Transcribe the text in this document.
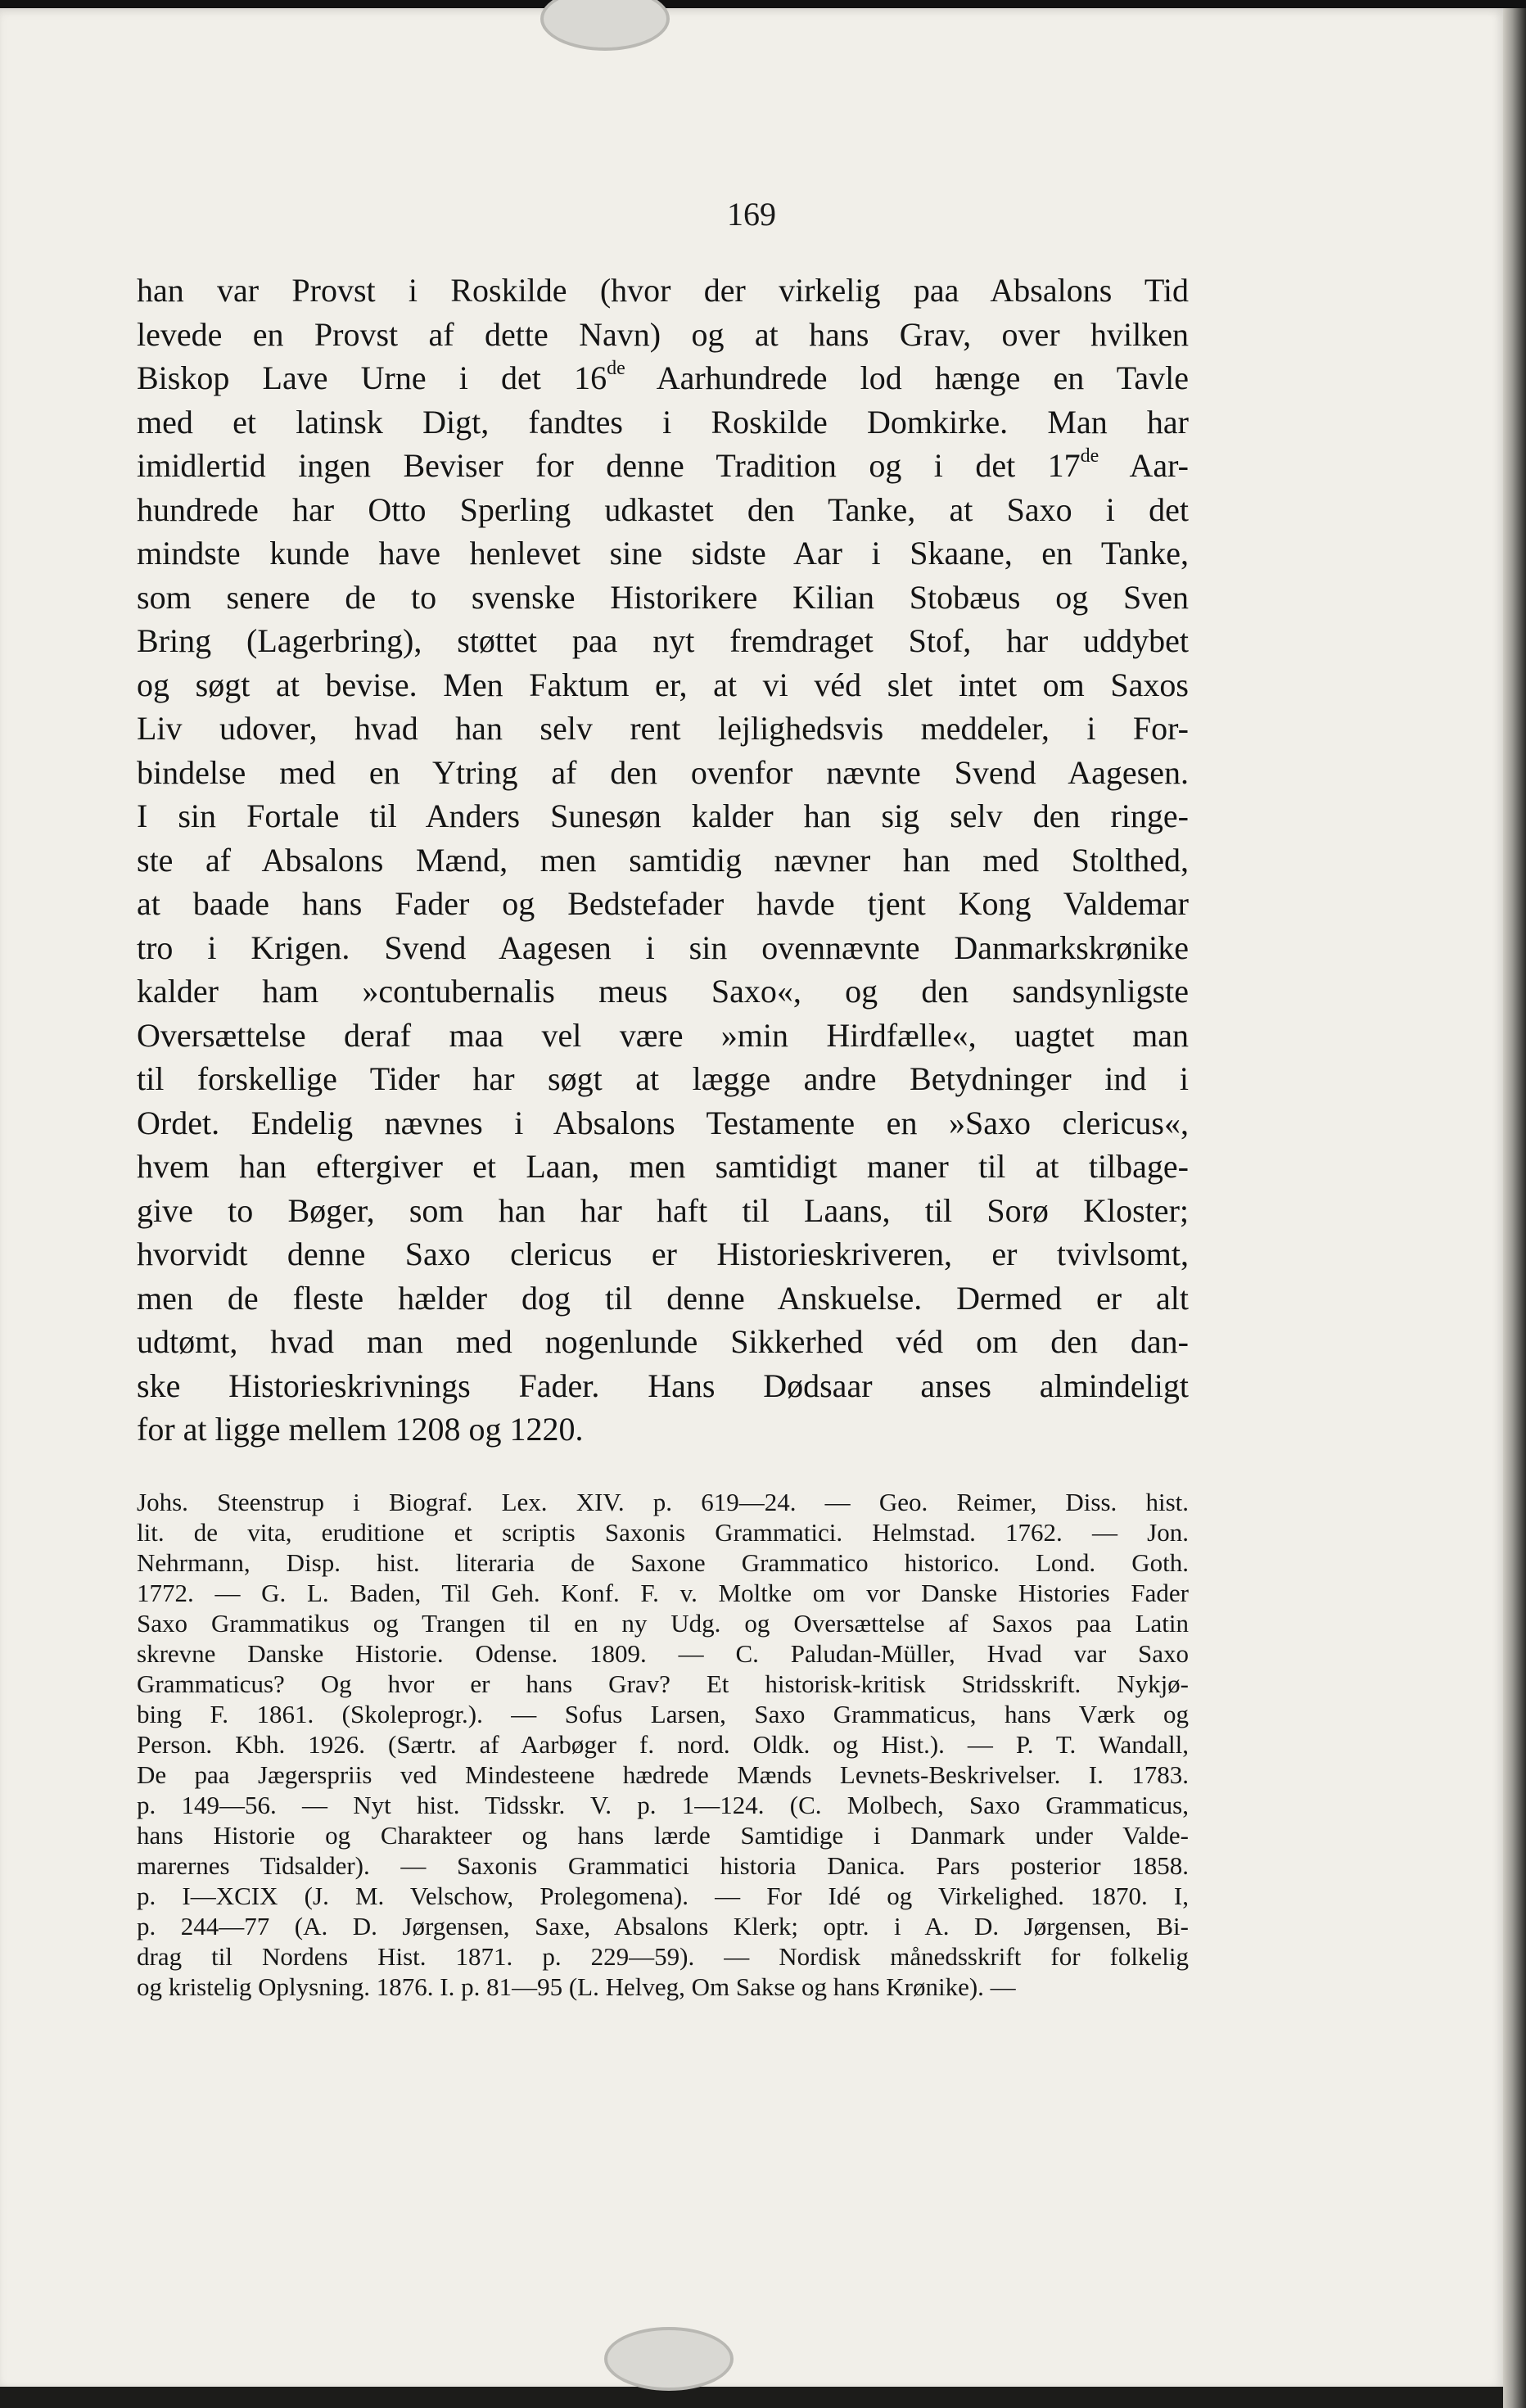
169
han var Provst i Roskilde (hvor der virkelig paa Absalons Tid
levede en Provst af dette Navn) og at hans Grav, over hvilken
Biskop Lave Urne i det 16de Aarhundrede lod hænge en Tavle
med et latinsk Digt, fandtes i Roskilde Domkirke. Man har
imidlertid ingen Beviser for denne Tradition og i det 17de Aar-
hundrede har Otto Sperling udkastet den Tanke, at Saxo i det
mindste kunde have henlevet sine sidste Aar i Skaane, en Tanke,
som senere de to svenske Historikere Kilian Stobæus og Sven
Bring (Lagerbring), støttet paa nyt fremdraget Stof, har uddybet
og søgt at bevise. Men Faktum er, at vi véd slet intet om Saxos
Liv udover, hvad han selv rent lejlighedsvis meddeler, i For-
bindelse med en Ytring af den ovenfor nævnte Svend Aagesen.
I sin Fortale til Anders Sunesøn kalder han sig selv den ringe-
ste af Absalons Mænd, men samtidig nævner han med Stolthed,
at baade hans Fader og Bedstefader havde tjent Kong Valdemar
tro i Krigen. Svend Aagesen i sin ovennævnte Danmarkskrønike
kalder ham »contubernalis meus Saxo«, og den sandsynligste
Oversættelse deraf maa vel være »min Hirdfælle«, uagtet man
til forskellige Tider har søgt at lægge andre Betydninger ind i
Ordet. Endelig nævnes i Absalons Testamente en »Saxo clericus«,
hvem han eftergiver et Laan, men samtidigt maner til at tilbage-
give to Bøger, som han har haft til Laans, til Sorø Kloster;
hvorvidt denne Saxo clericus er Historieskriveren, er tvivlsomt,
men de fleste hælder dog til denne Anskuelse. Dermed er alt
udtømt, hvad man med nogenlunde Sikkerhed véd om den dan-
ske Historieskrivnings Fader. Hans Dødsaar anses almindeligt
for at ligge mellem 1208 og 1220.
Johs. Steenstrup i Biograf. Lex. XIV. p. 619—24. — Geo. Reimer, Diss. hist.
lit. de vita, eruditione et scriptis Saxonis Grammatici. Helmstad. 1762. — Jon.
Nehrmann, Disp. hist. literaria de Saxone Grammatico historico. Lond. Goth.
1772. — G. L. Baden, Til Geh. Konf. F. v. Moltke om vor Danske Histories Fader
Saxo Grammatikus og Trangen til en ny Udg. og Oversættelse af Saxos paa Latin
skrevne Danske Historie. Odense. 1809. — C. Paludan-Müller, Hvad var Saxo
Grammaticus? Og hvor er hans Grav? Et historisk-kritisk Stridsskrift. Nykjø-
bing F. 1861. (Skoleprogr.). — Sofus Larsen, Saxo Grammaticus, hans Værk og
Person. Kbh. 1926. (Særtr. af Aarbøger f. nord. Oldk. og Hist.). — P. T. Wandall,
De paa Jægerspriis ved Mindesteene hædrede Mænds Levnets-Beskrivelser. I. 1783.
p. 149—56. — Nyt hist. Tidsskr. V. p. 1—124. (C. Molbech, Saxo Grammaticus,
hans Historie og Charakteer og hans lærde Samtidige i Danmark under Valde-
marernes Tidsalder). — Saxonis Grammatici historia Danica. Pars posterior 1858.
p. I—XCIX (J. M. Velschow, Prolegomena). — For Idé og Virkelighed. 1870. I,
p. 244—77 (A. D. Jørgensen, Saxe, Absalons Klerk; optr. i A. D. Jørgensen, Bi-
drag til Nordens Hist. 1871. p. 229—59). — Nordisk månedsskrift for folkelig
og kristelig Oplysning. 1876. I. p. 81—95 (L. Helveg, Om Sakse og hans Krønike). —
